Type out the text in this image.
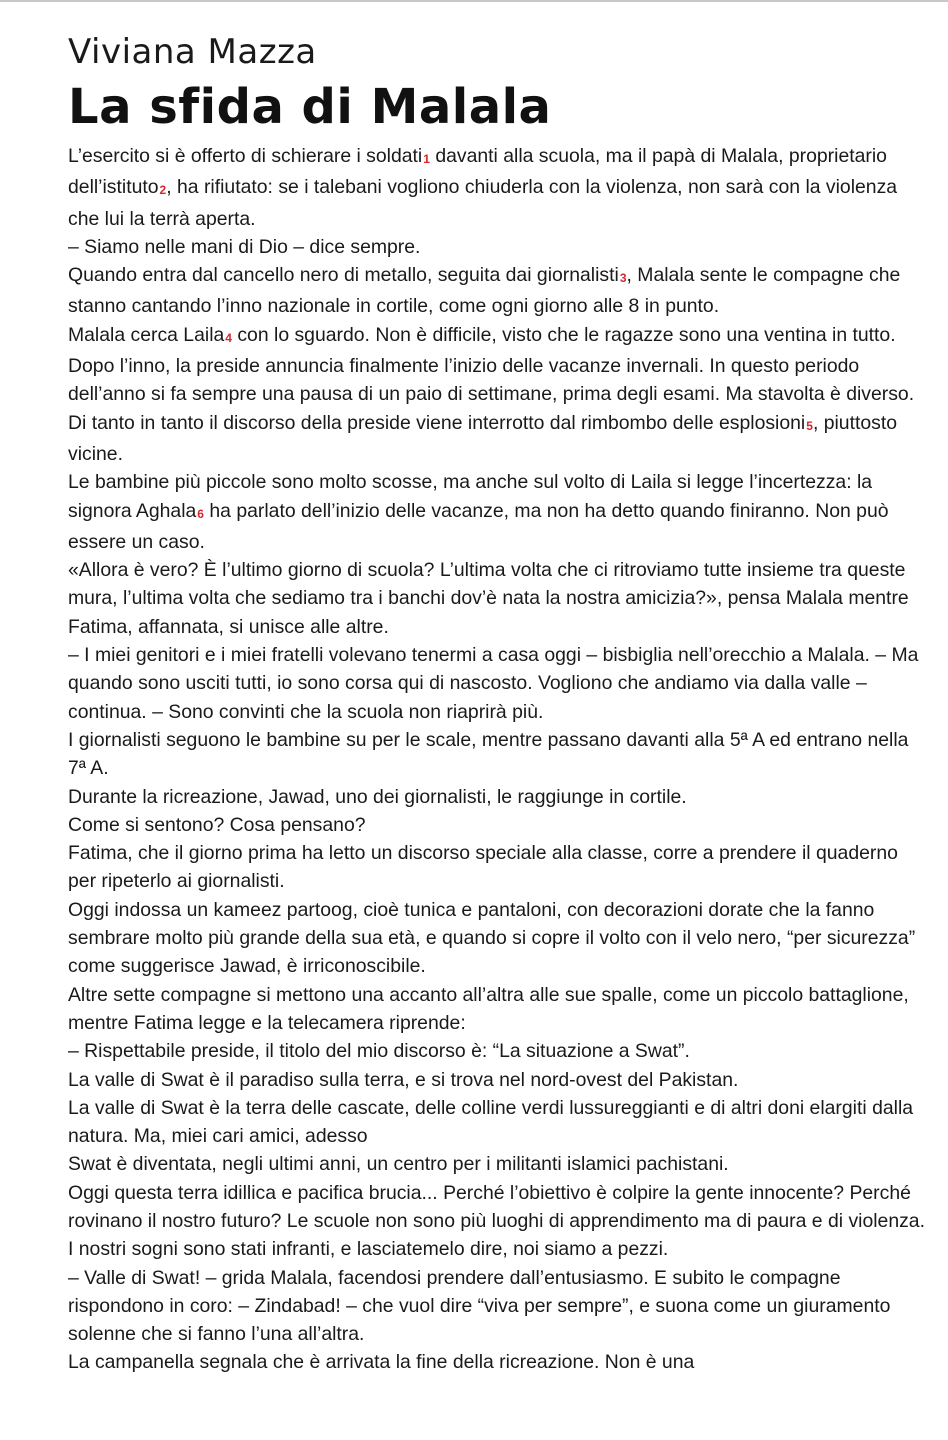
Viviana Mazza
La sfida di Malala

L’esercito si è offerto di schierare i soldati1 davanti alla scuola, ma il papà di Malala, proprietario dell’istituto2, ha rifiutato: se i talebani vogliono chiuderla con la violenza, non sarà con la violenza che lui la terrà aperta.

– Siamo nelle mani di Dio – dice sempre.

Quando entra dal cancello nero di metallo, seguita dai giornalisti3, Malala sente le compagne che stanno cantando l’inno nazionale in cortile, come ogni giorno alle 8 in punto.

Malala cerca Laila4 con lo sguardo. Non è difficile, visto che le ragazze sono una ventina in tutto. Dopo l’inno, la preside annuncia finalmente l’inizio delle vacanze invernali. In questo periodo dell’anno si fa sempre una pausa di un paio di settimane, prima degli esami. Ma stavolta è diverso.

Di tanto in tanto il discorso della preside viene interrotto dal rimbombo delle esplosioni5, piuttosto vicine.

Le bambine più piccole sono molto scosse, ma anche sul volto di Laila si legge l’incertezza: la signora Aghala6 ha parlato dell’inizio delle vacanze, ma non ha detto quando finiranno. Non può essere un caso.

«Allora è vero? È l’ultimo giorno di scuola? L’ultima volta che ci ritroviamo tutte insieme tra queste mura, l’ultima volta che sediamo tra i banchi dov’è nata la nostra amicizia?», pensa Malala mentre Fatima, affannata, si unisce alle altre.

– I miei genitori e i miei fratelli volevano tenermi a casa oggi – bisbiglia nell’orecchio a Malala. – Ma quando sono usciti tutti, io sono corsa qui di nascosto. Vogliono che andiamo via dalla valle – continua. – Sono convinti che la scuola non riaprirà più.

I giornalisti seguono le bambine su per le scale, mentre passano davanti alla 5ª A ed entrano nella 7ª A.

Durante la ricreazione, Jawad, uno dei giornalisti, le raggiunge in cortile.

Come si sentono? Cosa pensano?

Fatima, che il giorno prima ha letto un discorso speciale alla classe, corre a prendere il quaderno per ripeterlo ai giornalisti.

Oggi indossa un kameez partoog, cioè tunica e pantaloni, con decorazioni dorate che la fanno sembrare molto più grande della sua età, e quando si copre il volto con il velo nero, “per sicurezza” come suggerisce Jawad, è irriconoscibile.

Altre sette compagne si mettono una accanto all’altra alle sue spalle, come un piccolo battaglione, mentre Fatima legge e la telecamera riprende:

– Rispettabile preside, il titolo del mio discorso è: “La situazione a Swat”.

La valle di Swat è il paradiso sulla terra, e si trova nel nord-ovest del Pakistan.

La valle di Swat è la terra delle cascate, delle colline verdi lussureggianti e di altri doni elargiti dalla natura. Ma, miei cari amici, adesso

Swat è diventata, negli ultimi anni, un centro per i militanti islamici pachistani.

Oggi questa terra idillica e pacifica brucia... Perché l’obiettivo è colpire la gente innocente? Perché rovinano il nostro futuro? Le scuole non sono più luoghi di apprendimento ma di paura e di violenza. I nostri sogni sono stati infranti, e lasciatemelo dire, noi siamo a pezzi.

– Valle di Swat! – grida Malala, facendosi prendere dall’entusiasmo. E subito le compagne rispondono in coro: – Zindabad! – che vuol dire “viva per sempre”, e suona come un giuramento solenne che si fanno l’una all’altra.

La campanella segnala che è arrivata la fine della ricreazione. Non è una
